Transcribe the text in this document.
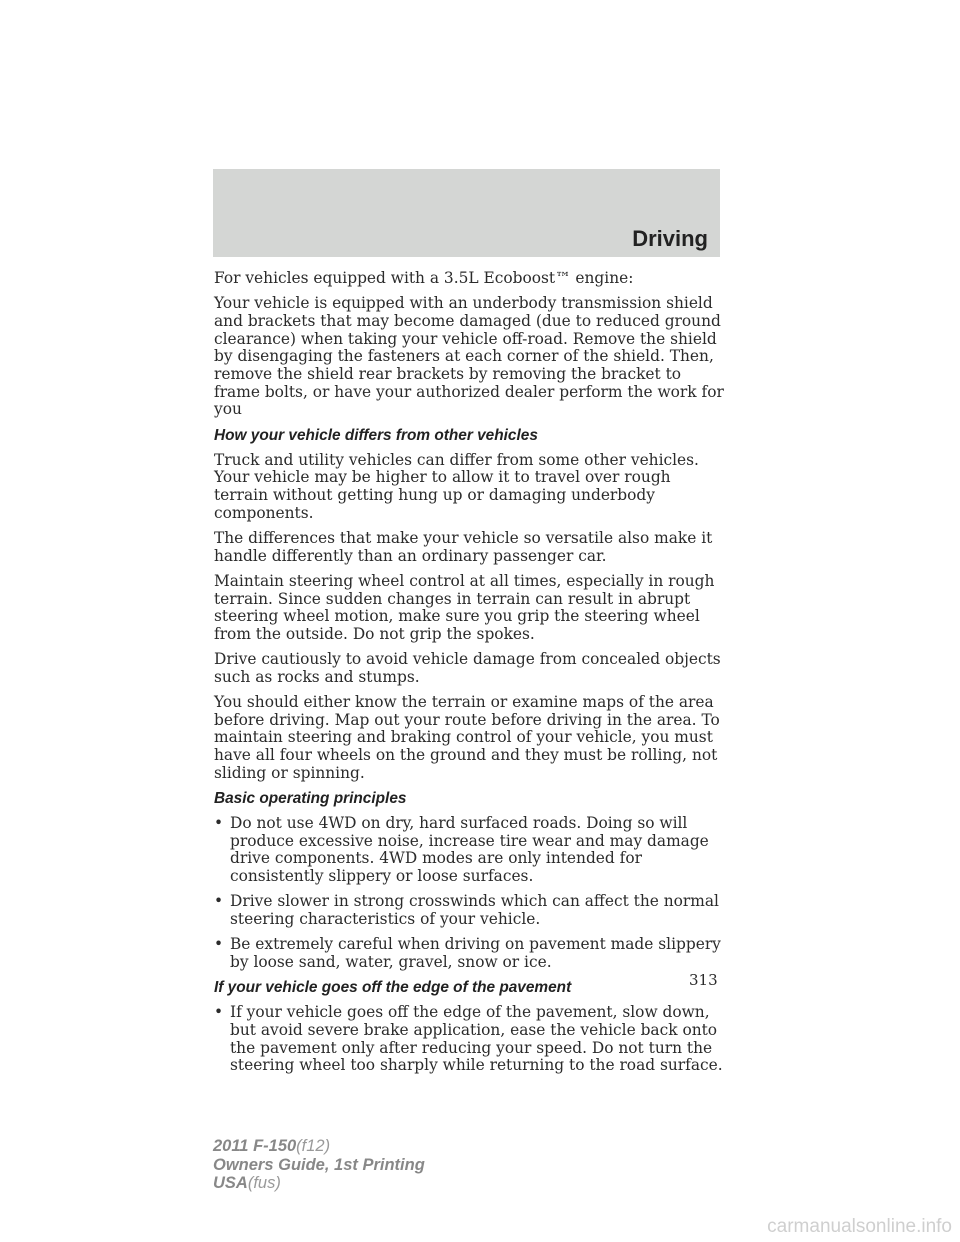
Driving

For vehicles equipped with a 3.5L Ecoboost™ engine:

Your vehicle is equipped with an underbody transmission shield and brackets that may become damaged (due to reduced ground clearance) when taking your vehicle off-road. Remove the shield by disengaging the fasteners at each corner of the shield. Then, remove the shield rear brackets by removing the bracket to frame bolts, or have your authorized dealer perform the work for you

How your vehicle differs from other vehicles

Truck and utility vehicles can differ from some other vehicles. Your vehicle may be higher to allow it to travel over rough terrain without getting hung up or damaging underbody components.

The differences that make your vehicle so versatile also make it handle differently than an ordinary passenger car.

Maintain steering wheel control at all times, especially in rough terrain. Since sudden changes in terrain can result in abrupt steering wheel motion, make sure you grip the steering wheel from the outside. Do not grip the spokes.

Drive cautiously to avoid vehicle damage from concealed objects such as rocks and stumps.

You should either know the terrain or examine maps of the area before driving. Map out your route before driving in the area. To maintain steering and braking control of your vehicle, you must have all four wheels on the ground and they must be rolling, not sliding or spinning.

Basic operating principles
• Do not use 4WD on dry, hard surfaced roads. Doing so will produce excessive noise, increase tire wear and may damage drive components. 4WD modes are only intended for consistently slippery or loose surfaces.
• Drive slower in strong crosswinds which can affect the normal steering characteristics of your vehicle.
• Be extremely careful when driving on pavement made slippery by loose sand, water, gravel, snow or ice.
If your vehicle goes off the edge of the pavement
• If your vehicle goes off the edge of the pavement, slow down, but avoid severe brake application, ease the vehicle back onto the pavement only after reducing your speed. Do not turn the steering wheel too sharply while returning to the road surface.
313
2011 F-150(f12)
Owners Guide, 1st Printing
USA(fus)
carmanualsonline.info
